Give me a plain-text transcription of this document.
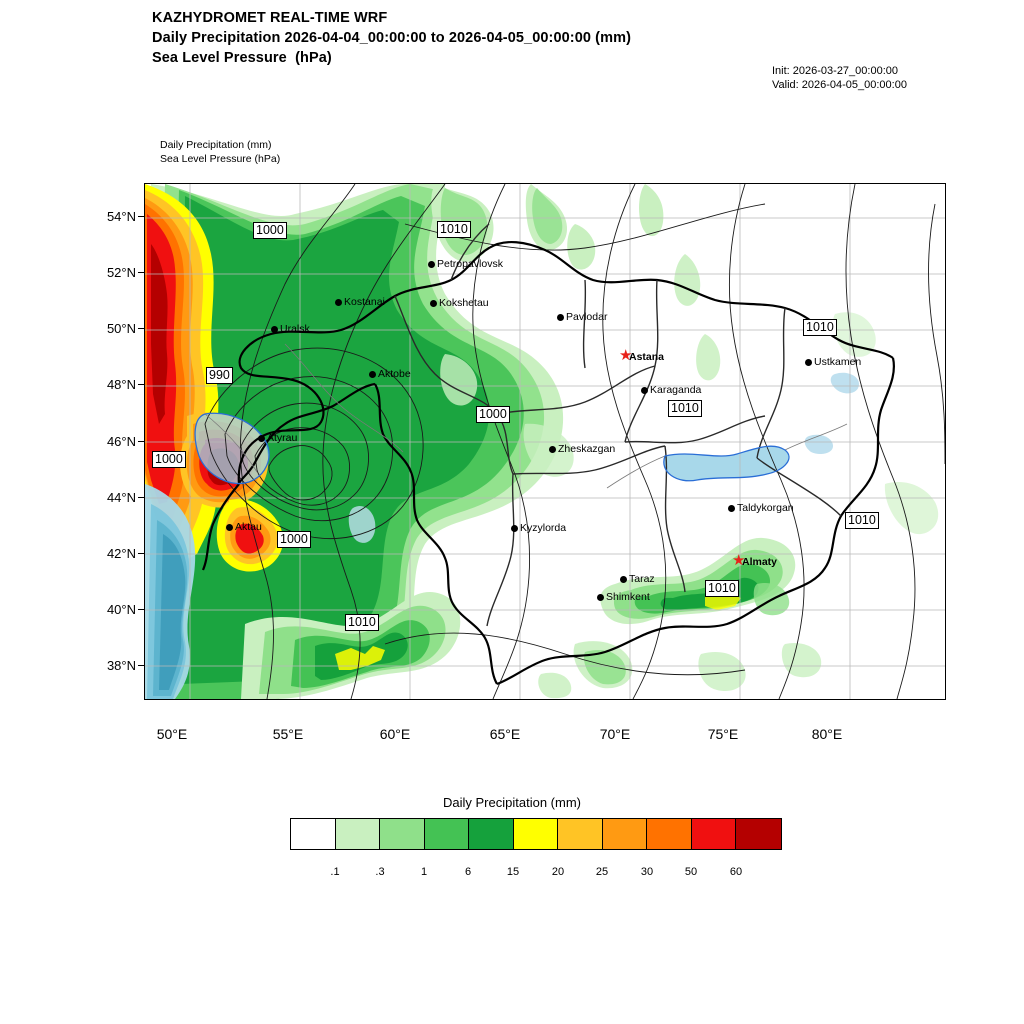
KAZHYDROMET REAL-TIME WRF
Daily Precipitation 2026-04-04_00:00:00 to 2026-04-05_00:00:00 (mm)
Sea Level Pressure  (hPa)
Init: 2026-03-27_00:00:00
Valid: 2026-04-05_00:00:00
Daily Precipitation (mm)
Sea Level Pressure (hPa)
54°N
52°N
50°N
48°N
46°N
44°N
42°N
40°N
38°N
50°E	55°E	60°E	65°E	70°E	75°E	80°E
Petropavlovsk
Kostanai	Kokshetau
Pavlodar
Uralsk
Ustkamen
★
Astana
Aktobe
Karaganda
Atyrau
Zheskazgan
Taldykorgan
Aktau	Kyzylorda
★
Almaty
Taraz
Shimkent
1000	1010
1010
990
1000	1010
1000
1000
1010
1010
1010
Daily Precipitation (mm)
.1	.3	1	6	15	20	25	30	50	60
